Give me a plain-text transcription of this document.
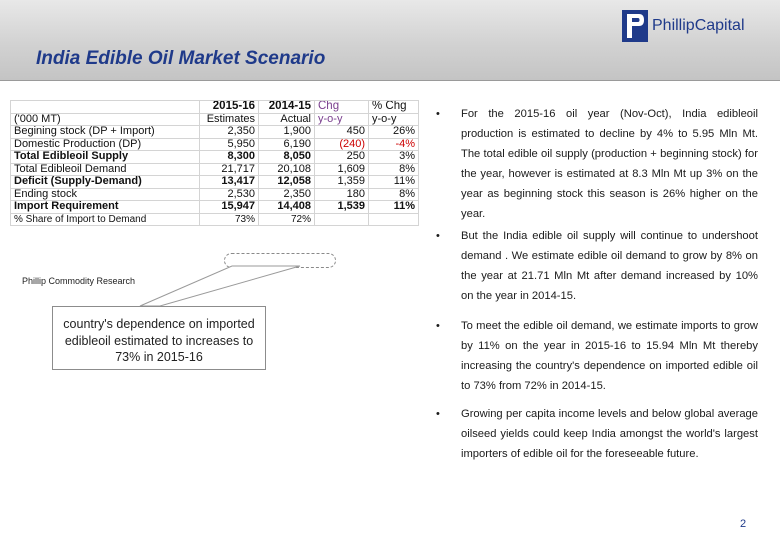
India Edible Oil Market Scenario
PhillipCapital
	2015-16	2014-15	Chg	% Chg
('000 MT)	Estimates	Actual	y-o-y	y-o-y
Begining stock (DP + Import)	2,350	1,900	450	26%
Domestic Production (DP)	5,950	6,190	(240)	-4%
Total Edibleoil Supply	8,300	8,050	250	3%
Total Edibleoil Demand	21,717	20,108	1,609	8%
Deficit (Supply-Demand)	13,417	12,058	1,359	11%
Ending stock	2,530	2,350	180	8%
Import Requirement	15,947	14,408	1,539	11%
% Share of Import to Demand	73%	72%		
Phillip Commodity Research
country's dependence on imported edibleoil estimated to increases to 73% in 2015-16
•	For the 2015-16 oil year (Nov-Oct), India edibleoil production is estimated to decline by 4% to 5.95 Mln Mt. The total edible oil supply (production + beginning stock) for the year, however is estimated at 8.3 Mln Mt up 3% on the year as beginning stock this season is 26% higher on the year.
•	But the India edible oil supply will continue to undershoot demand . We estimate edible oil demand to grow by 8% on the year at 21.71 Mln Mt after demand increased by 10% on the year in 2014-15.
•	To meet the edible oil demand, we estimate imports to grow by 11% on the year in 2015-16 to 15.94 Mln Mt thereby increasing the country's dependence on imported edible oil to 73% from 72% in 2014-15.
•	Growing per capita income levels and below global average oilseed yields could keep India amongst the world's largest importers of edible oil for the foreseeable future.
2
